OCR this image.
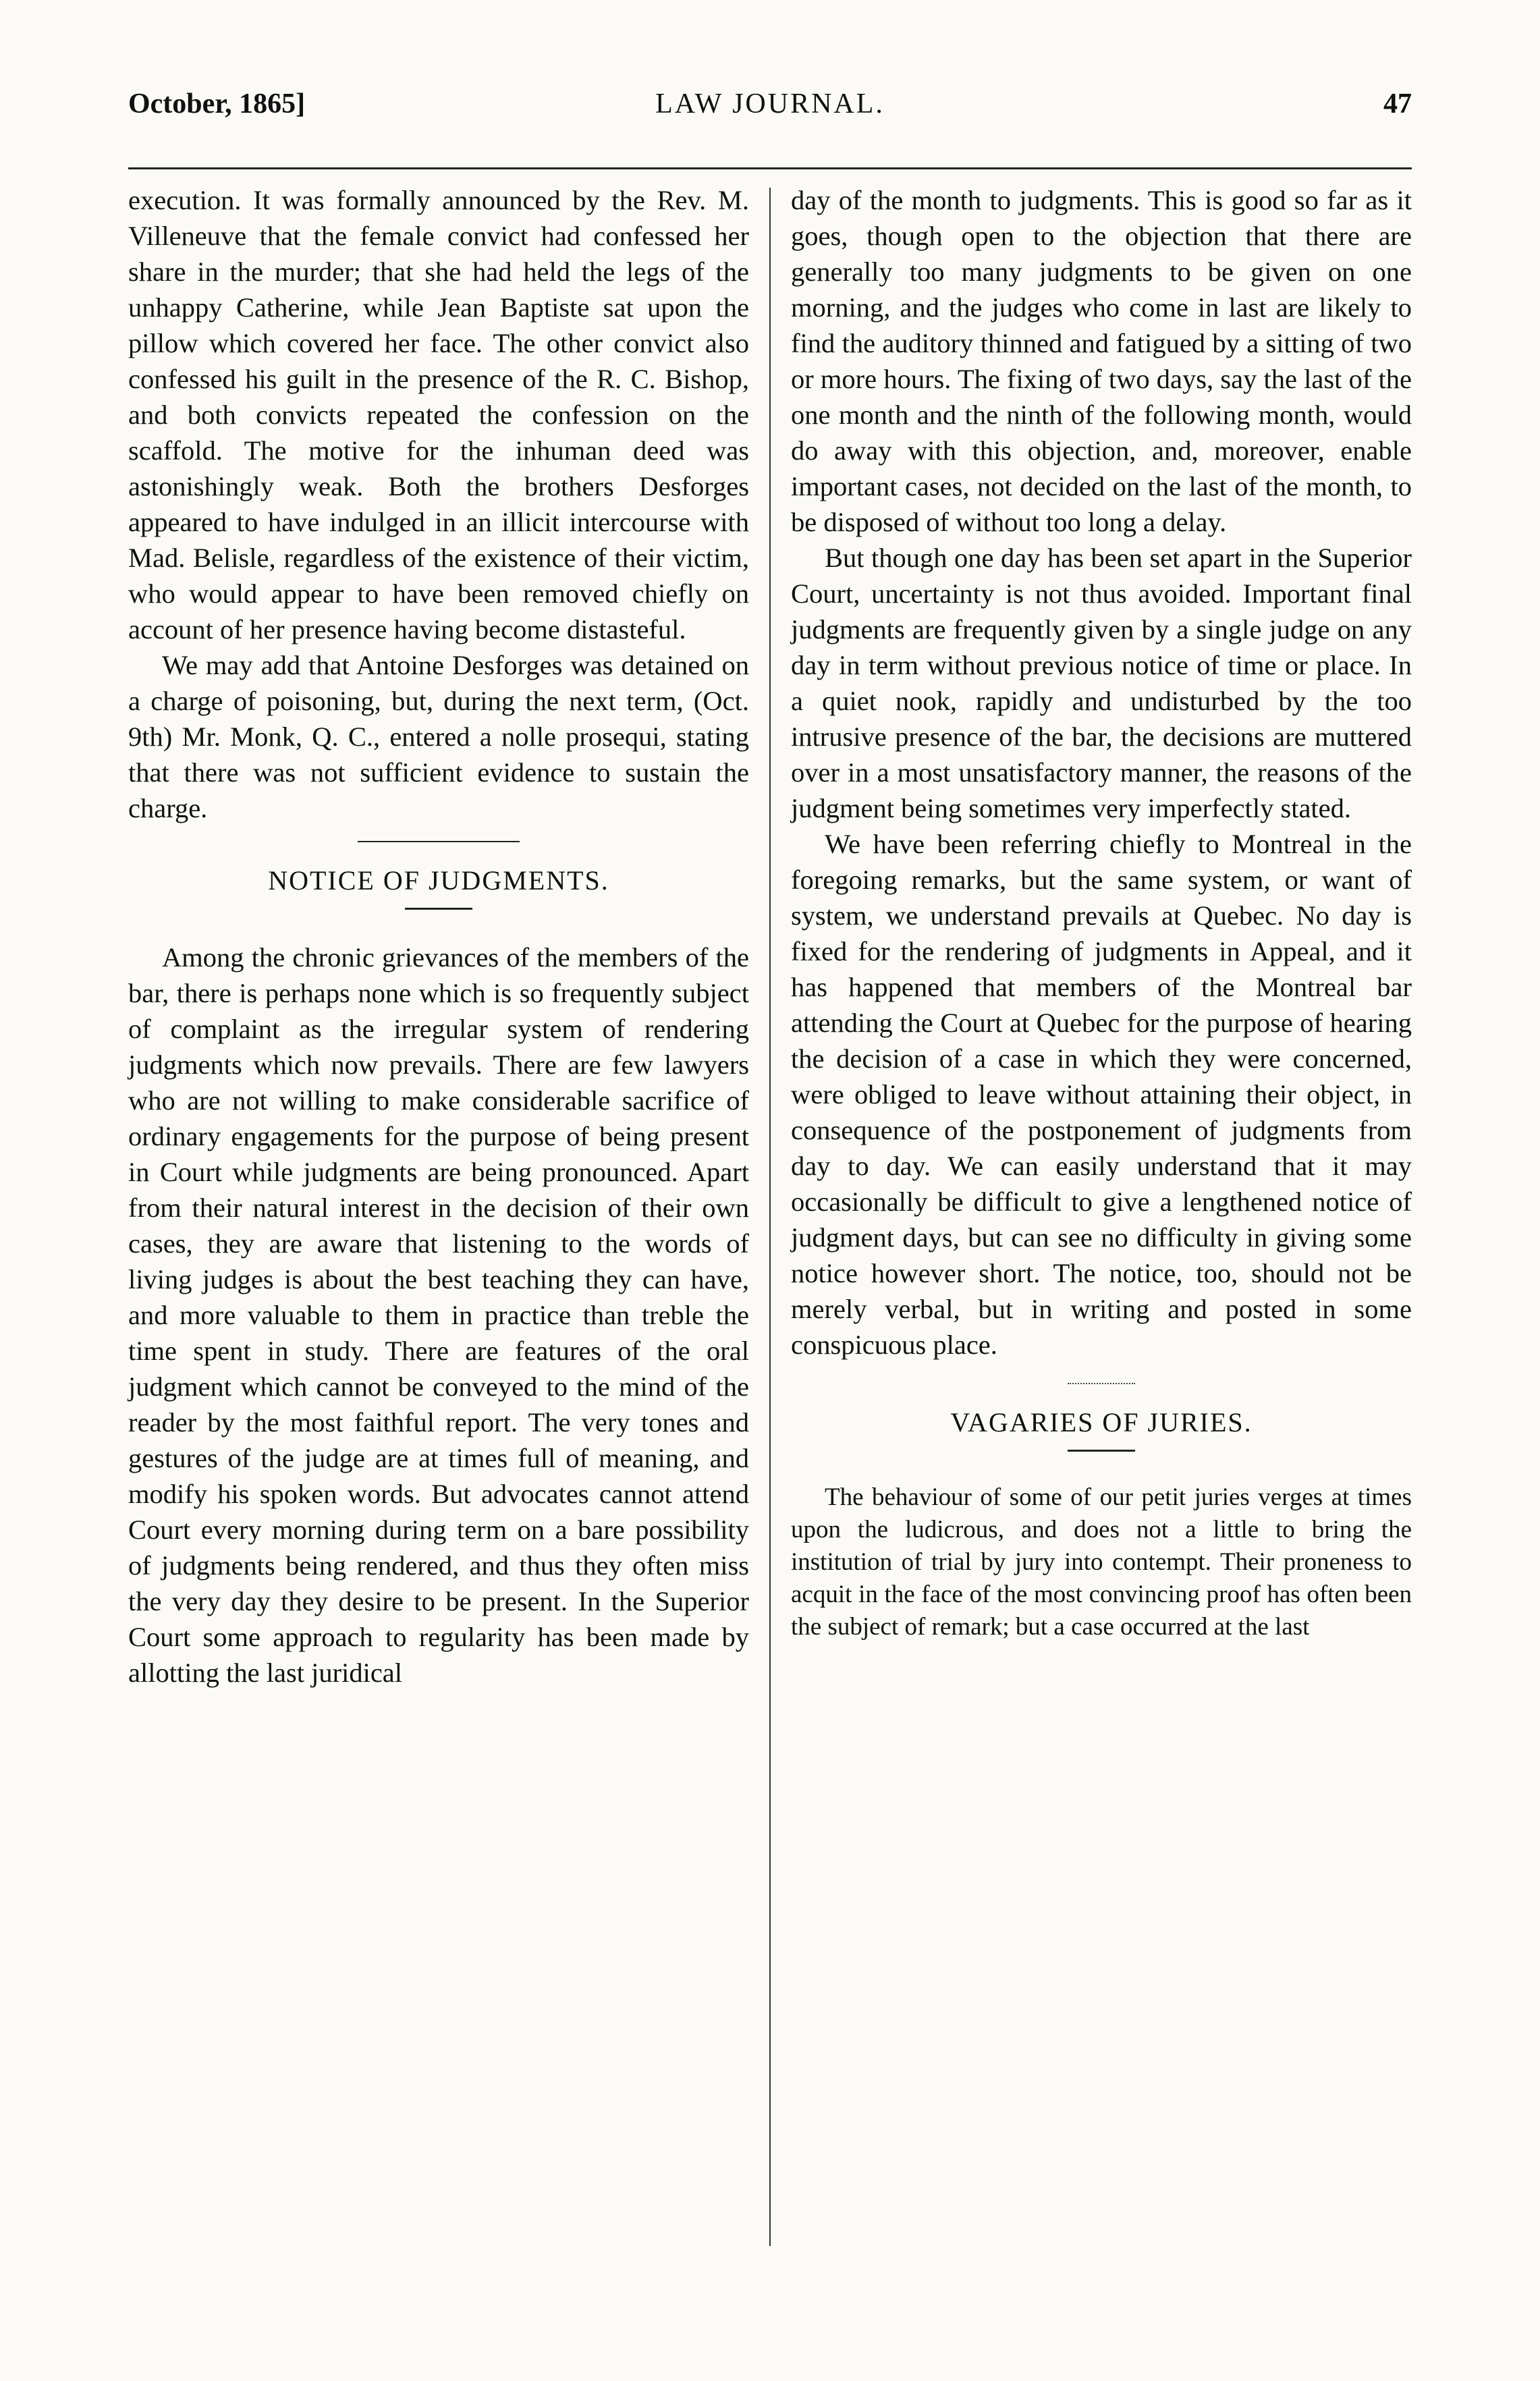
October, 1865]	LAW JOURNAL.	47

execution. It was formally announced by the Rev. M. Villeneuve that the female convict had confessed her share in the murder; that she had held the legs of the unhappy Catherine, while Jean Baptiste sat upon the pillow which covered her face. The other convict also confessed his guilt in the presence of the R. C. Bishop, and both convicts repeated the confession on the scaffold. The motive for the inhuman deed was astonishingly weak. Both the brothers Desforges appeared to have indulged in an illicit intercourse with Mad. Belisle, regardless of the existence of their victim, who would appear to have been removed chiefly on account of her presence having become distasteful.

We may add that Antoine Desforges was detained on a charge of poisoning, but, during the next term, (Oct. 9th) Mr. Monk, Q. C., entered a nolle prosequi, stating that there was not sufficient evidence to sustain the charge.

NOTICE OF JUDGMENTS.

Among the chronic grievances of the members of the bar, there is perhaps none which is so frequently subject of complaint as the irregular system of rendering judgments which now prevails. There are few lawyers who are not willing to make considerable sacrifice of ordinary engagements for the purpose of being present in Court while judgments are being pronounced. Apart from their natural interest in the decision of their own cases, they are aware that listening to the words of living judges is about the best teaching they can have, and more valuable to them in practice than treble the time spent in study. There are features of the oral judgment which cannot be conveyed to the mind of the reader by the most faithful report. The very tones and gestures of the judge are at times full of meaning, and modify his spoken words. But advocates cannot attend Court every morning during term on a bare possibility of judgments being rendered, and thus they often miss the very day they desire to be present. In the Superior Court some approach to regularity has been made by allotting the last juridical

day of the month to judgments. This is good so far as it goes, though open to the objection that there are generally too many judgments to be given on one morning, and the judges who come in last are likely to find the auditory thinned and fatigued by a sitting of two or more hours. The fixing of two days, say the last of the one month and the ninth of the following month, would do away with this objection, and, moreover, enable important cases, not decided on the last of the month, to be disposed of without too long a delay.

But though one day has been set apart in the Superior Court, uncertainty is not thus avoided. Important final judgments are frequently given by a single judge on any day in term without previous notice of time or place. In a quiet nook, rapidly and undisturbed by the too intrusive presence of the bar, the decisions are muttered over in a most unsatisfactory manner, the reasons of the judgment being sometimes very imperfectly stated.

We have been referring chiefly to Montreal in the foregoing remarks, but the same system, or want of system, we understand prevails at Quebec. No day is fixed for the rendering of judgments in Appeal, and it has happened that members of the Montreal bar attending the Court at Quebec for the purpose of hearing the decision of a case in which they were concerned, were obliged to leave without attaining their object, in consequence of the postponement of judgments from day to day. We can easily understand that it may occasionally be difficult to give a lengthened notice of judgment days, but can see no difficulty in giving some notice however short. The notice, too, should not be merely verbal, but in writing and posted in some conspicuous place.

VAGARIES OF JURIES.

The behaviour of some of our petit juries verges at times upon the ludicrous, and does not a little to bring the institution of trial by jury into contempt. Their proneness to acquit in the face of the most convincing proof has often been the subject of remark; but a case occurred at the last
